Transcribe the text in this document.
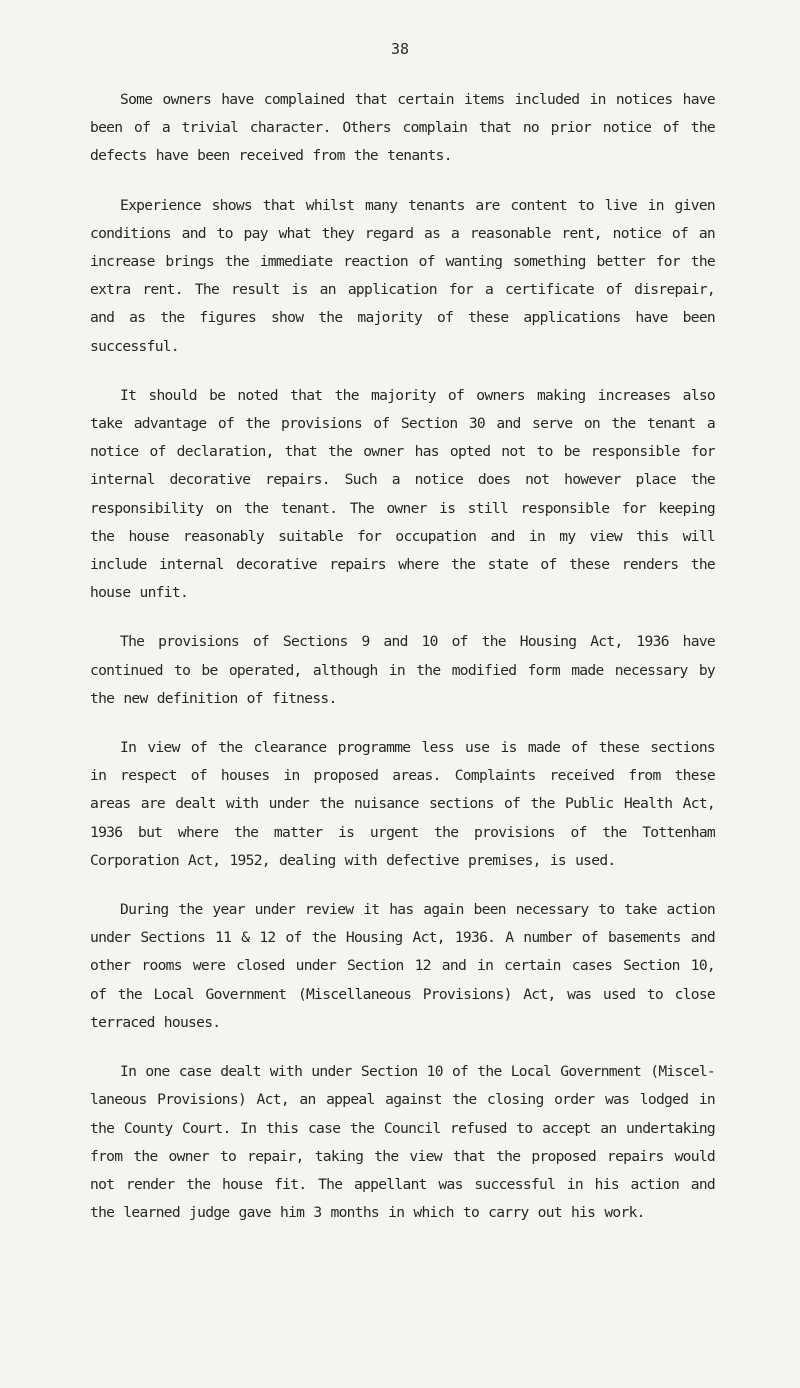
38

Some owners have complained that certain items included in notices have been of a trivial character. Others complain that no prior notice of the defects have been received from the tenants.

Experience shows that whilst many tenants are content to live in given conditions and to pay what they regard as a reasonable rent, notice of an increase brings the immediate reaction of wanting something better for the extra rent. The result is an application for a certificate of disrepair, and as the figures show the majority of these applications have been successful.

It should be noted that the majority of owners making increases also take advantage of the provisions of Section 30 and serve on the tenant a notice of declaration, that the owner has opted not to be responsible for internal decorative repairs. Such a notice does not however place the responsibility on the tenant. The owner is still responsible for keeping the house reasonably suitable for occupation and in my view this will include internal decorative repairs where the state of these renders the house unfit.

The provisions of Sections 9 and 10 of the Housing Act, 1936 have continued to be operated, although in the modified form made necessary by the new definition of fitness.

In view of the clearance programme less use is made of these sections in respect of houses in proposed areas. Complaints received from these areas are dealt with under the nuisance sections of the Public Health Act, 1936 but where the matter is urgent the provisions of the Tottenham Corporation Act, 1952, dealing with defective premises, is used.

During the year under review it has again been necessary to take action under Sections 11 & 12 of the Housing Act, 1936. A number of basements and other rooms were closed under Section 12 and in certain cases Section 10, of the Local Government (Miscellaneous Provisions) Act, was used to close terraced houses.

In one case dealt with under Section 10 of the Local Government (Miscel- laneous Provisions) Act, an appeal against the closing order was lodged in the County Court. In this case the Council refused to accept an undertaking from the owner to repair, taking the view that the proposed repairs would not render the house fit. The appellant was successful in his action and the learned judge gave him 3 months in which to carry out his work.
